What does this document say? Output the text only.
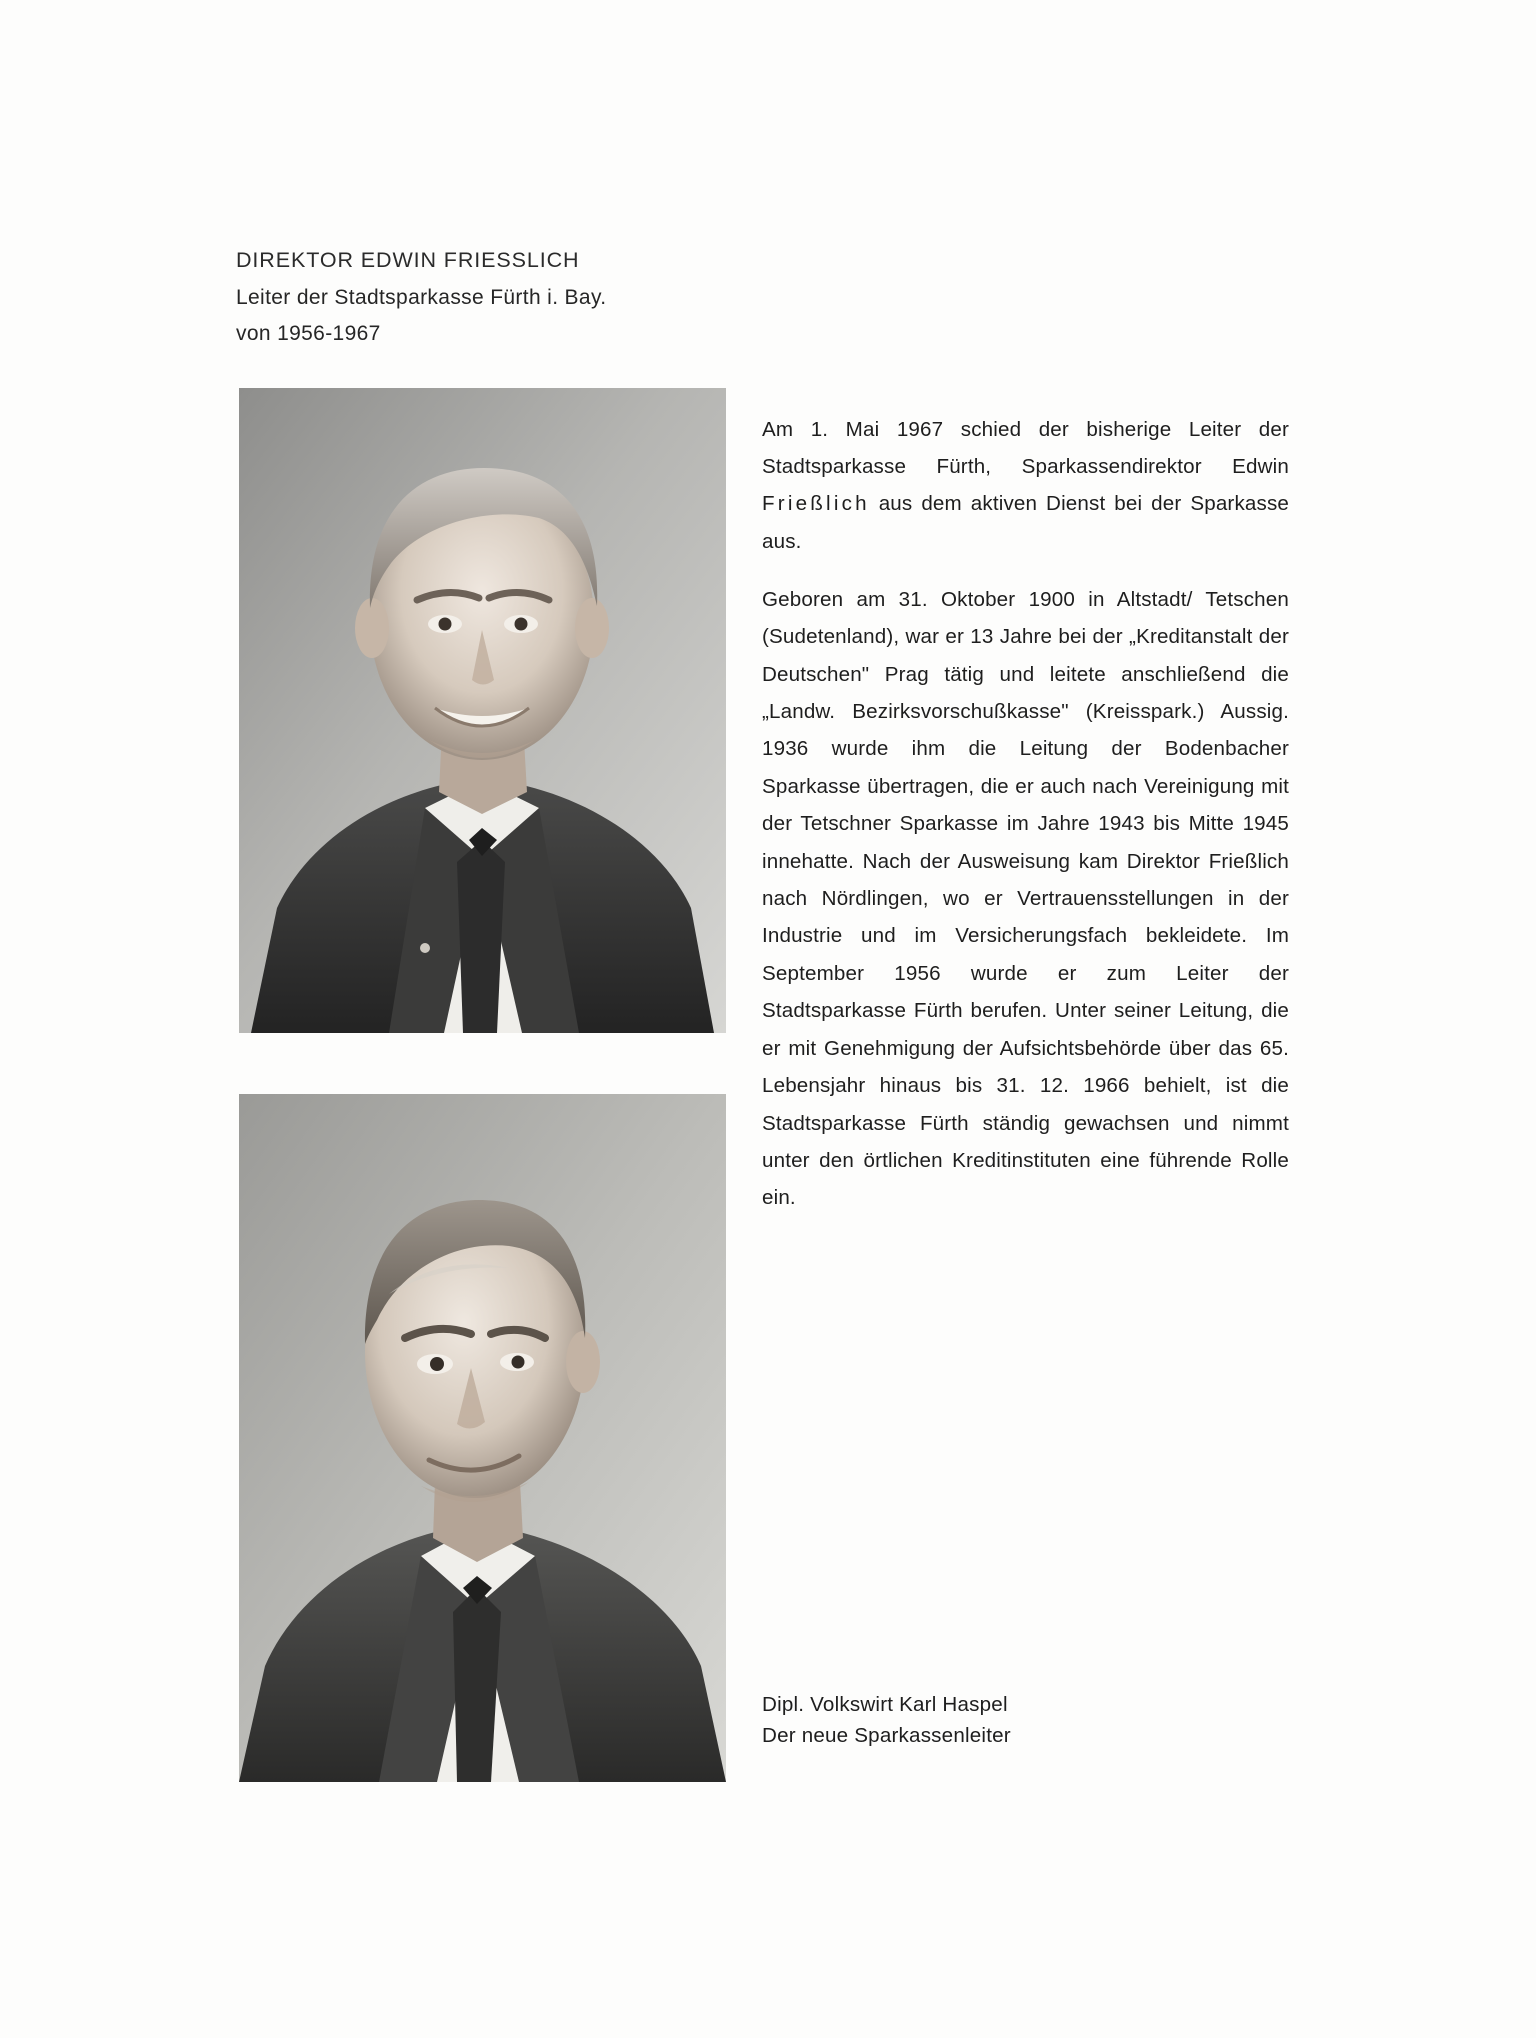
DIREKTOR EDWIN FRIESSLICH
Leiter der Stadtsparkasse Fürth i. Bay.
von 1956-1967

Am 1. Mai 1967 schied der bisherige Leiter der Stadtsparkasse Fürth, Sparkassendirektor Edwin Frießlich aus dem aktiven Dienst bei der Sparkasse aus.

Geboren am 31. Oktober 1900 in Altstadt/ Tetschen (Sudetenland), war er 13 Jahre bei der „Kreditanstalt der Deutschen" Prag tätig und leitete anschließend die „Landw. Bezirksvorschußkasse" (Kreisspark.) Aussig. 1936 wurde ihm die Leitung der Bodenbacher Sparkasse übertragen, die er auch nach Vereinigung mit der Tetschner Sparkasse im Jahre 1943 bis Mitte 1945 innehatte. Nach der Ausweisung kam Direktor Frießlich nach Nördlingen, wo er Vertrauensstellungen in der Industrie und im Versicherungsfach bekleidete. Im September 1956 wurde er zum Leiter der Stadtsparkasse Fürth berufen. Unter seiner Leitung, die er mit Genehmigung der Aufsichtsbehörde über das 65. Lebensjahr hinaus bis 31. 12. 1966 behielt, ist die Stadtsparkasse Fürth ständig gewachsen und nimmt unter den örtlichen Kreditinstituten eine führende Rolle ein.

Dipl. Volkswirt Karl Haspel
Der neue Sparkassenleiter
